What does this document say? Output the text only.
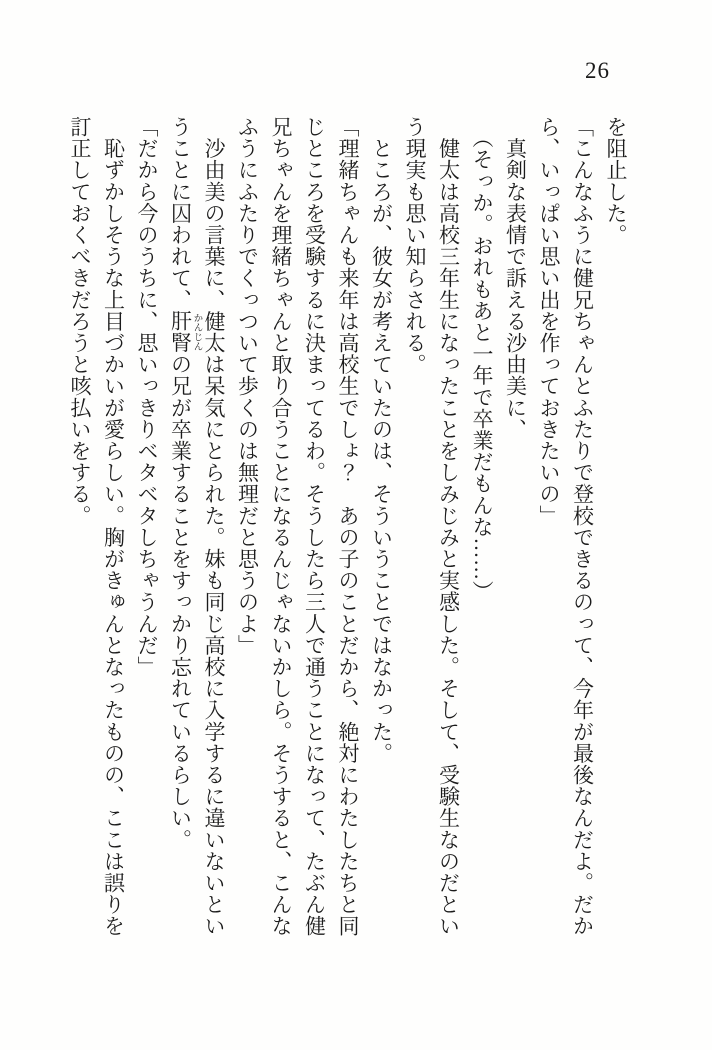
26

を阻止した。

「こんなふうに健兄ちゃんとふたりで登校できるのって、今年が最後なんだよ。だから、いっぱい思い出を作っておきたいの」

　真剣な表情で訴える沙由美に、

　（そっか。おれもあと一年で卒業だもんな……）

　健太は高校三年生になったことをしみじみと実感した。そして、受験生なのだという現実も思い知らされる。

　ところが、彼女が考えていたのは、そういうことではなかった。

「理緒ちゃんも来年は高校生でしょ？　あの子のことだから、絶対にわたしたちと同じところを受験するに決まってるわ。そうしたら三人で通うことになって、たぶん健兄ちゃんを理緒ちゃんと取り合うことになるんじゃないかしら。そうすると、こんなふうにふたりでくっついて歩くのは無理だと思うのよ」

　沙由美の言葉に、健太は呆気にとられた。妹も同じ高校に入学するに違いないということに囚われて、肝腎 かんじんの兄が卒業することをすっかり忘れているらしい。

「だから今のうちに、思いっきりベタベタしちゃうんだ」

　恥ずかしそうな上目づかいが愛らしい。胸がきゅんとなったものの、ここは誤りを訂正しておくべきだろうと咳払いをする。
